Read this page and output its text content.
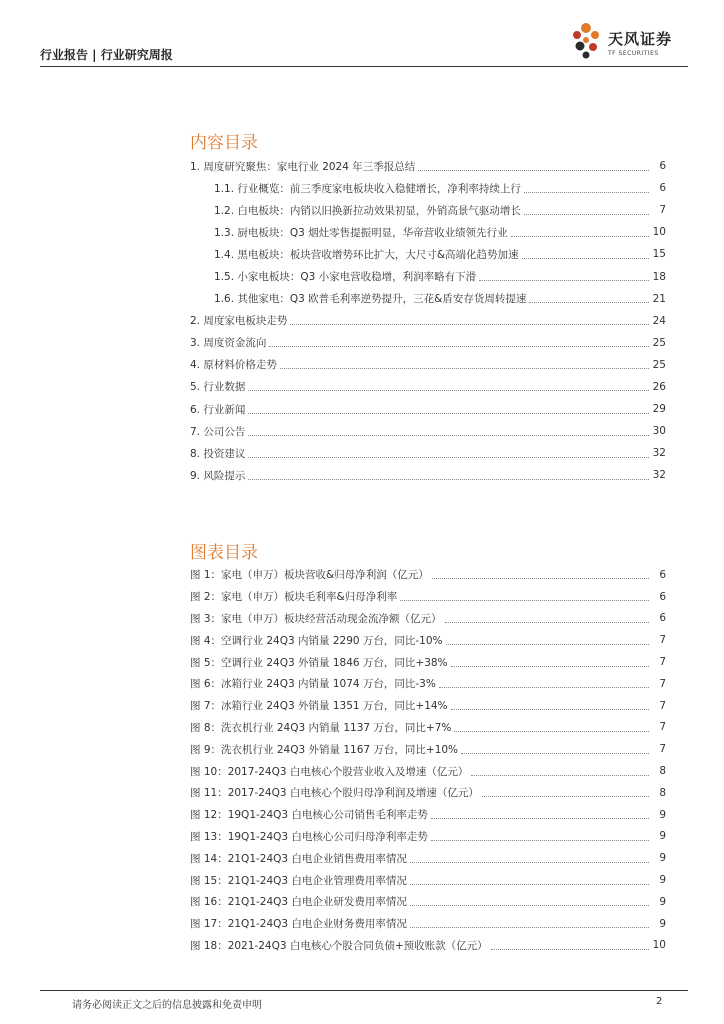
行业报告 | 行业研究周报
天风证券
TF SECURITIES
内容目录
1. 周度研究聚焦：家电行业 2024 年三季报总结	6
1.1. 行业概览：前三季度家电板块收入稳健增长，净利率持续上行	6
1.2. 白电板块：内销以旧换新拉动效果初显，外销高景气驱动增长	7
1.3. 厨电板块：Q3 烟灶零售提振明显，华帝营收业绩领先行业	10
1.4. 黑电板块：板块营收增势环比扩大，大尺寸&高端化趋势加速	15
1.5. 小家电板块：Q3 小家电营收稳增，利润率略有下滑	18
1.6. 其他家电：Q3 欧普毛利率逆势提升，三花&盾安存货周转提速	21
2. 周度家电板块走势	24
3. 周度资金流向	25
4. 原材料价格走势	25
5. 行业数据	26
6. 行业新闻	29
7. 公司公告	30
8. 投资建议	32
9. 风险提示	32
图表目录
图 1：家电（申万）板块营收&归母净利润（亿元）	6
图 2：家电（申万）板块毛利率&归母净利率	6
图 3：家电（申万）板块经营活动现金流净额（亿元）	6
图 4：空调行业 24Q3 内销量 2290 万台，同比-10%	7
图 5：空调行业 24Q3 外销量 1846 万台，同比+38%	7
图 6：冰箱行业 24Q3 内销量 1074 万台，同比-3%	7
图 7：冰箱行业 24Q3 外销量 1351 万台，同比+14%	7
图 8：洗衣机行业 24Q3 内销量 1137 万台，同比+7%	7
图 9：洗衣机行业 24Q3 外销量 1167 万台，同比+10%	7
图 10：2017-24Q3 白电核心个股营业收入及增速（亿元）	8
图 11：2017-24Q3 白电核心个股归母净利润及增速（亿元）	8
图 12：19Q1-24Q3 白电核心公司销售毛利率走势	9
图 13：19Q1-24Q3 白电核心公司归母净利率走势	9
图 14：21Q1-24Q3 白电企业销售费用率情况	9
图 15：21Q1-24Q3 白电企业管理费用率情况	9
图 16：21Q1-24Q3 白电企业研发费用率情况	9
图 17：21Q1-24Q3 白电企业财务费用率情况	9
图 18：2021-24Q3 白电核心个股合同负债+预收账款（亿元）	10
请务必阅读正文之后的信息披露和免责申明	2
